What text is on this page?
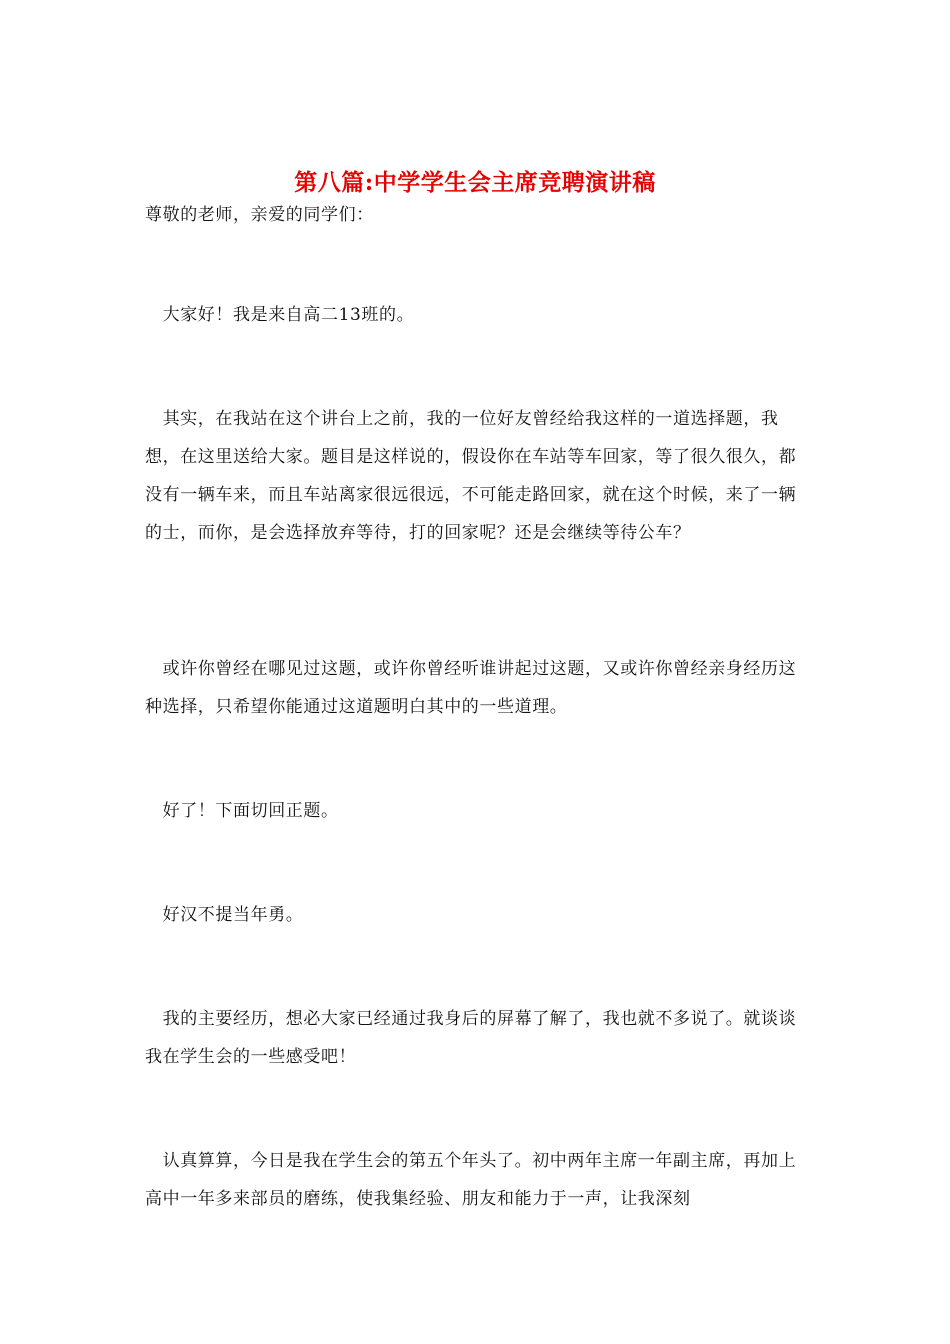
第八篇:中学学生会主席竞聘演讲稿

尊敬的老师，亲爱的同学们：

　大家好！我是来自高二13班的。

　其实，在我站在这个讲台上之前，我的一位好友曾经给我这样的一道选择题，我想，在这里送给大家。题目是这样说的，假设你在车站等车回家，等了很久很久，都没有一辆车来，而且车站离家很远很远，不可能走路回家，就在这个时候，来了一辆的士，而你，是会选择放弃等待，打的回家呢？还是会继续等待公车？

　或许你曾经在哪见过这题，或许你曾经听谁讲起过这题，又或许你曾经亲身经历这种选择，只希望你能通过这道题明白其中的一些道理。

　好了！下面切回正题。

　好汉不提当年勇。

　我的主要经历，想必大家已经通过我身后的屏幕了解了，我也就不多说了。就谈谈我在学生会的一些感受吧！

　认真算算，今日是我在学生会的第五个年头了。初中两年主席一年副主席，再加上高中一年多来部员的磨练，使我集经验、朋友和能力于一声，让我深刻
